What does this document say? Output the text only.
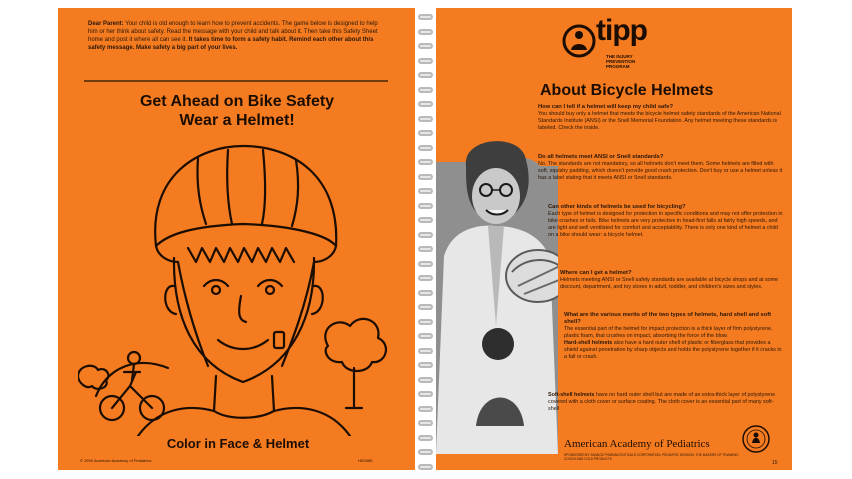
Dear Parent: Your child is old enough to learn how to prevent accidents. The game below is designed to help him or her think about safety. Read the message with your child and talk about it. Then take this Safety Sheet home and post it where all can see it. It takes time to form a safety habit. Remind each other about this safety message. Make safety a big part of your lives.
Get Ahead on Bike Safety
Wear a Helmet!
Color in Face & Helmet
© 1990 American Academy of Pediatrics	HE0085
tipp
THE INJURY
PREVENTION
PROGRAM
About Bicycle Helmets
How can I tell if a helmet will keep my child safe?

You should buy only a helmet that meets the bicycle helmet safety standards of the American National Standards Institute (ANSI) or the Snell Memorial Foundation. Any helmet meeting these standards is labeled. Check the inside.

Do all helmets meet ANSI or Snell standards?

No. The standards are not mandatory, so all helmets don't meet them. Some helmets are filled with soft, squishy padding, which doesn't provide good crash protection. Don't buy or use a helmet unless it has a label stating that it meets ANSI or Snell standards.

Can other kinds of helmets be used for bicycling?

Each type of helmet is designed for protection in specific conditions and may not offer protection in bike crashes or falls. Bike helmets are very protective in head-first falls at fairly high speeds, and are light and well ventilated for comfort and acceptability. There is only one kind of helmet a child on a bike should wear: a bicycle helmet.

Where can I get a helmet?

Helmets meeting ANSI or Snell safety standards are available at bicycle shops and at some discount, department, and toy stores in adult, toddler, and children's sizes and styles.

What are the various merits of the two types of helmets, hard shell and soft shell?

The essential part of the helmet for impact protection is a thick layer of firm polystyrene, plastic foam, that crushes on impact, absorbing the force of the blow.

Hard-shell helmets also have a hard outer shell of plastic or fiberglass that provides a shield against penetration by sharp objects and holds the polystyrene together if it cracks in a fall or crash.

Soft-shell helmets have no hard outer shell but are made of an extra-thick layer of polystyrene covered with a cloth cover or surface coating. The cloth cover is an essential part of many soft-shell

American Academy of Pediatrics
SPONSORED BY SANDOZ PHARMACEUTICALS CORPORATION, PEDIATRIC DIVISION, THE MAKERS OF TRIAMINIC COUGH AND COLD PRODUCTS
15
